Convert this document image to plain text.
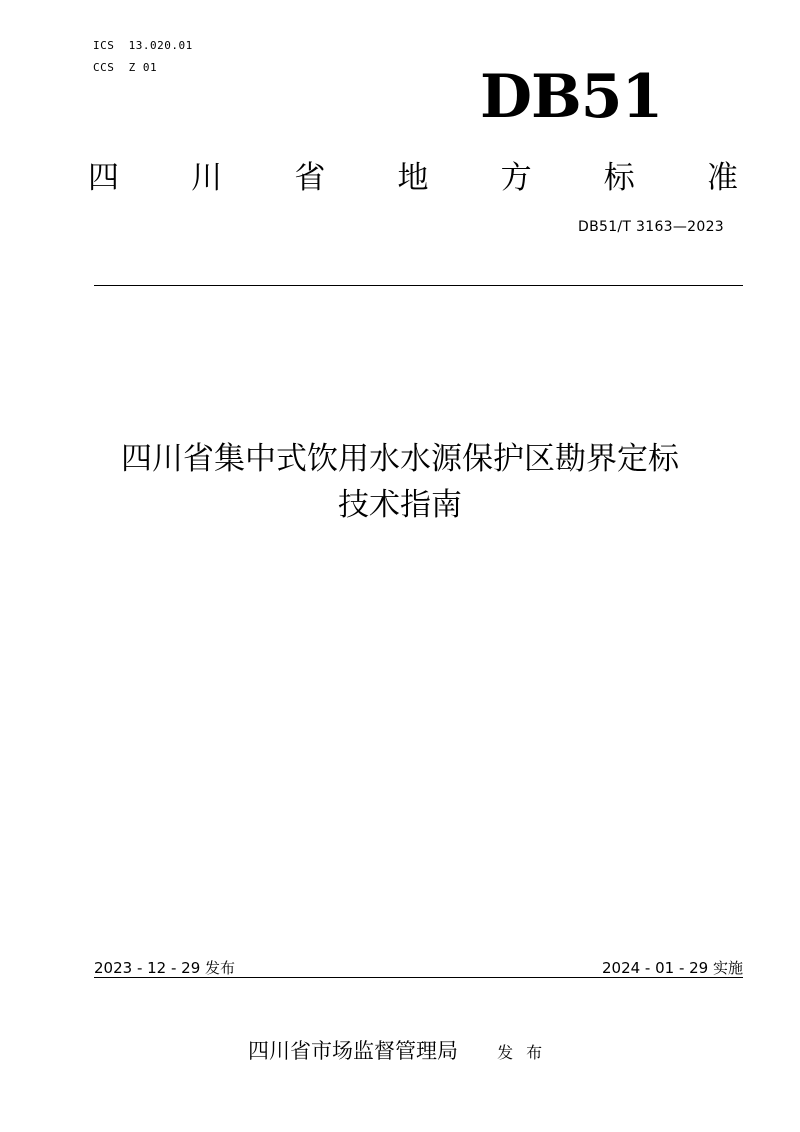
ICS  13.020.01
CCS  Z 01	DB51
四 川 省 地 方 标 准
DB51/T 3163—2023
四川省集中式饮用水水源保护区勘界定标
技术指南
2023 - 12 - 29 发布	2024 - 01 - 29 实施
四川省市场监督管理局 发 布
